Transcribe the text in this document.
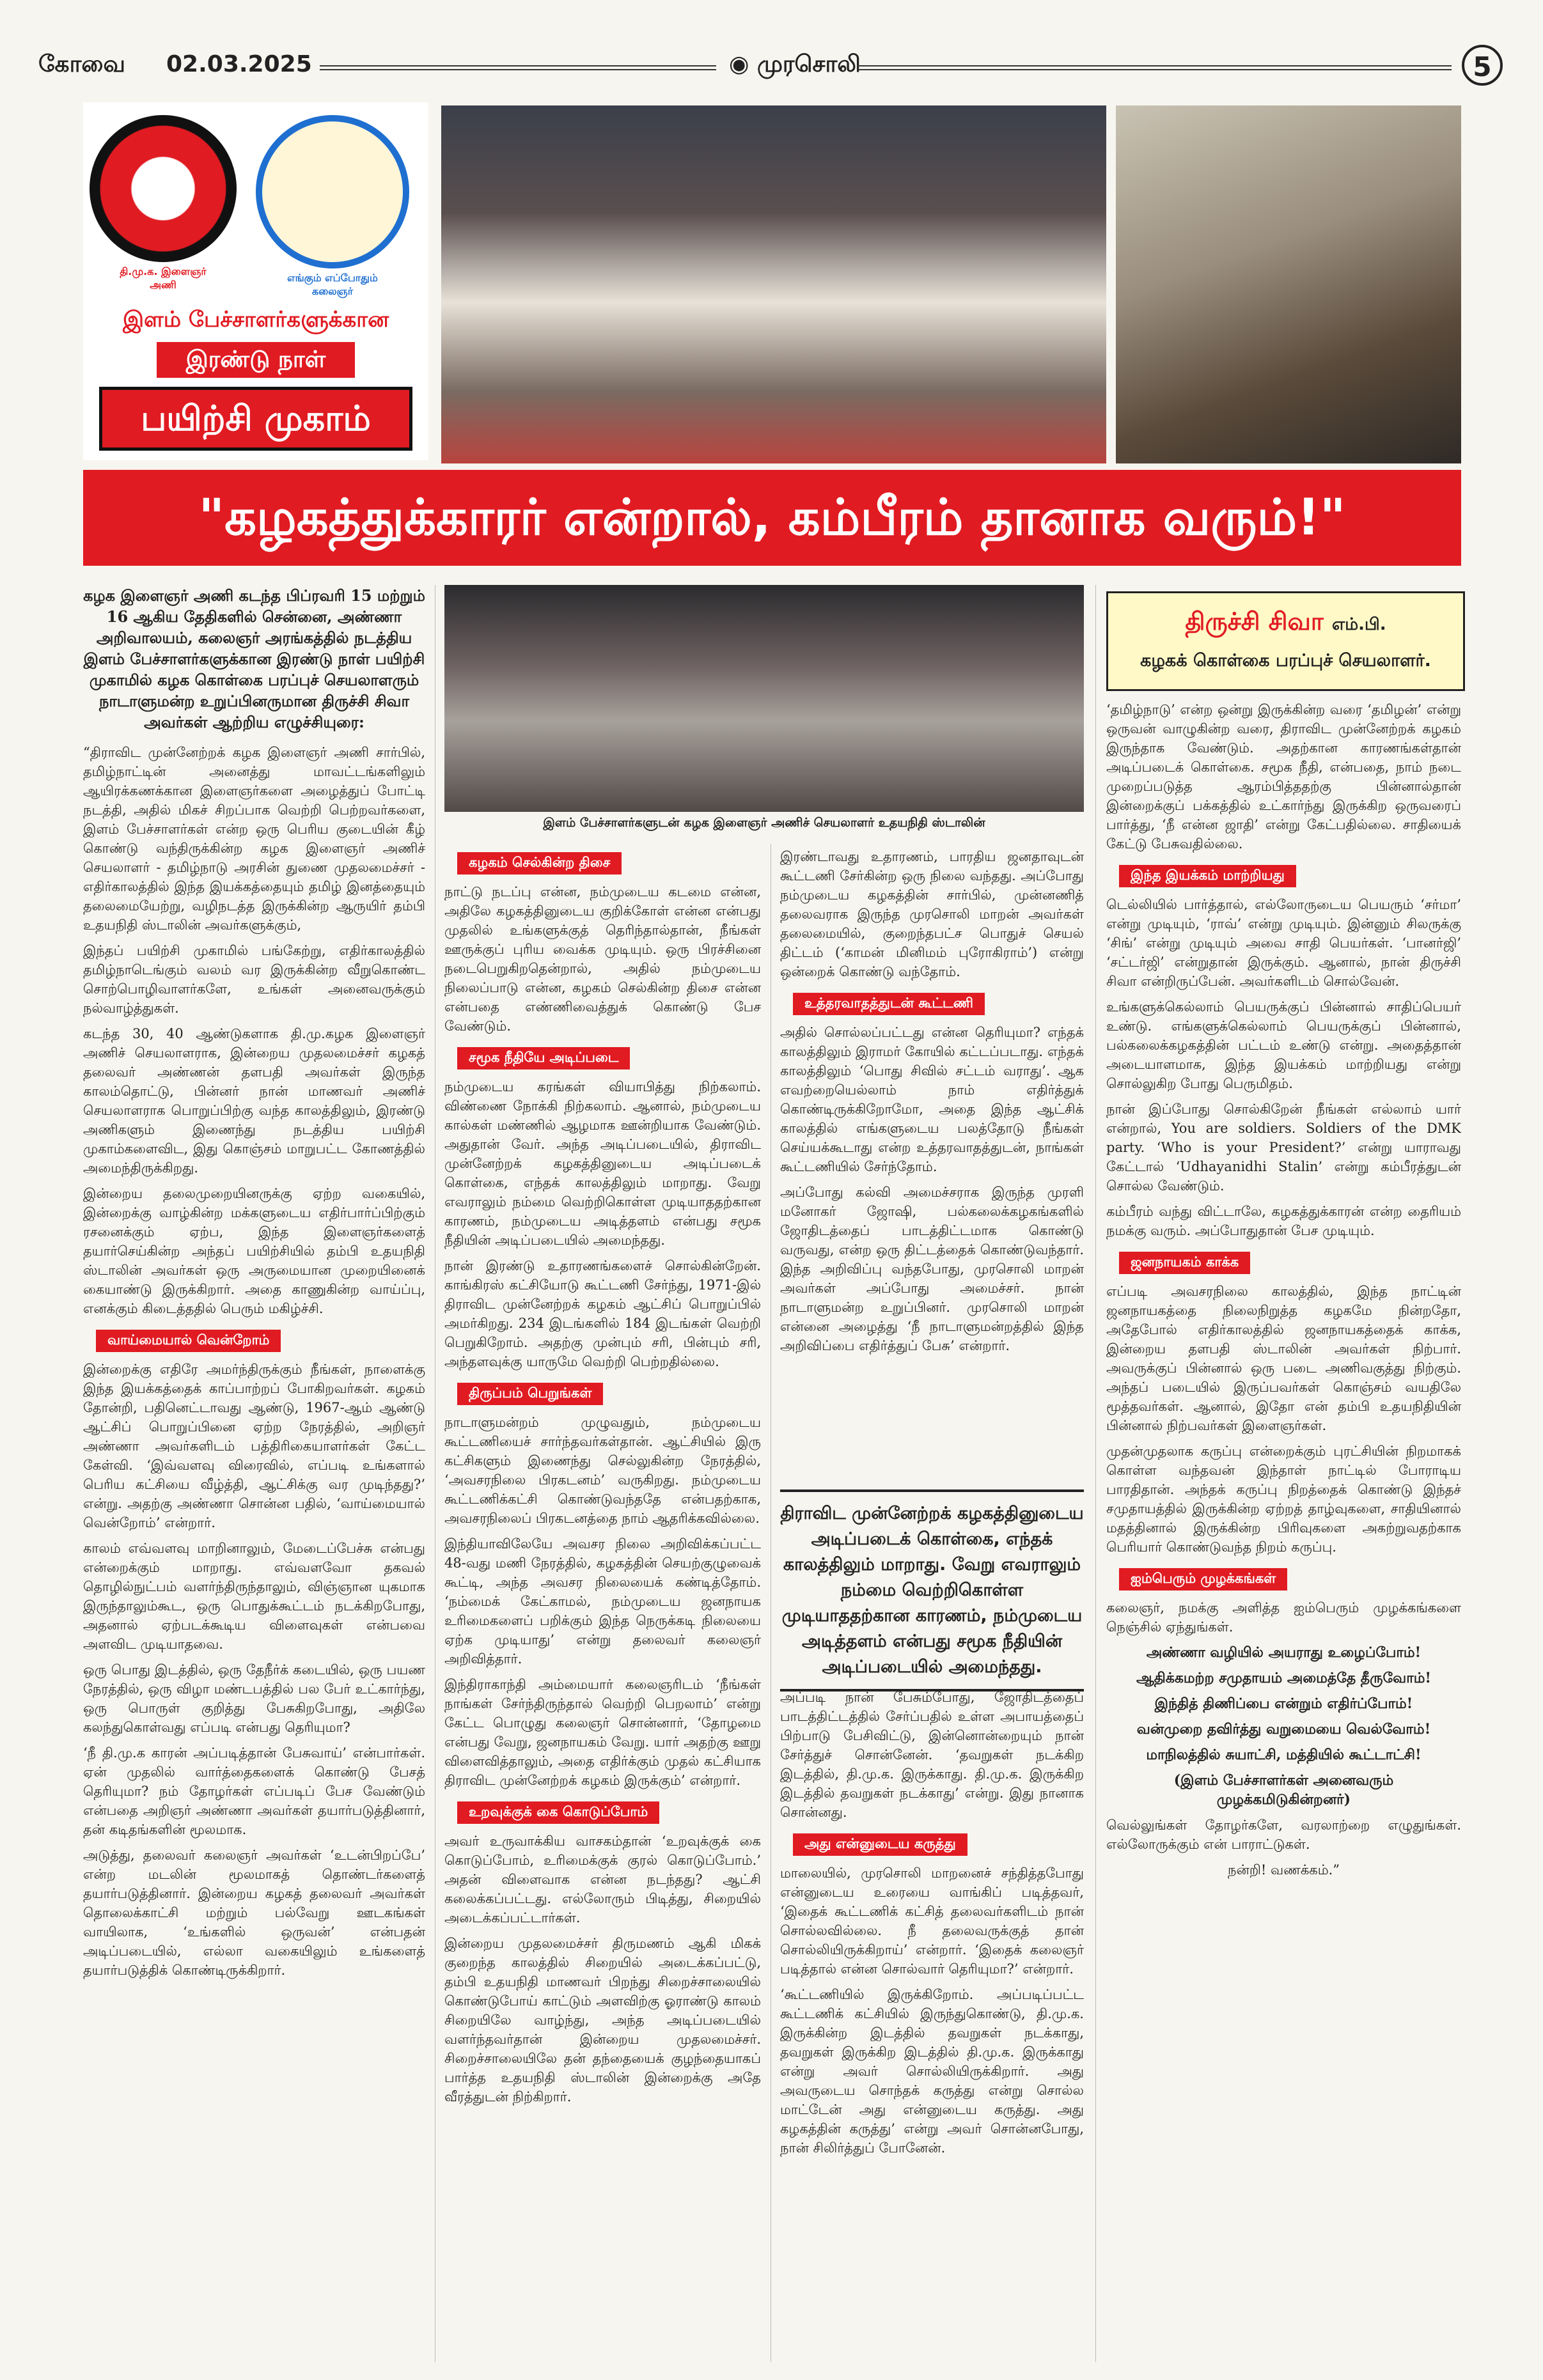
கோவை 02.03.2025	◉ முரசொலி	5
தி.மு.க. இளைஞர் அணி
எங்கும் எப்போதும் கலைஞர்
இளம் பேச்சாளர்களுக்கான
இரண்டு நாள்
பயிற்சி முகாம்
"கழகத்துக்காரர் என்றால், கம்பீரம் தானாக வரும்!"
இளம் பேச்சாளர்களுடன் கழக இளைஞர் அணிச் செயலாளர் உதயநிதி ஸ்டாலின்
திருச்சி சிவா எம்.பி.
கழகக் கொள்கை பரப்புச் செயலாளர்.
கழக இளைஞர் அணி கடந்த பிப்ரவரி 15 மற்றும் 16 ஆகிய தேதிகளில் சென்னை, அண்ணா அறிவாலயம், கலைஞர் அரங்கத்தில் நடத்திய இளம் பேச்சாளர்களுக்கான இரண்டு நாள் பயிற்சி முகாமில் கழக கொள்கை பரப்புச் செயலாளரும் நாடாளுமன்ற உறுப்பினருமான திருச்சி சிவா அவர்கள் ஆற்றிய எழுச்சியுரை:

“திராவிட முன்னேற்றக் கழக இளைஞர் அணி சார்பில், தமிழ்நாட்டின் அனைத்து மாவட்டங்களிலும் ஆயிரக்கணக்கான இளைஞர்களை அழைத்துப் போட்டி நடத்தி, அதில் மிகச் சிறப்பாக வெற்றி பெற்றவர்களை, இளம் பேச்சாளர்கள் என்ற ஒரு பெரிய குடையின் கீழ் கொண்டு வந்திருக்கின்ற கழக இளைஞர் அணிச் செயலாளர் - தமிழ்நாடு அரசின் துணை முதலமைச்சர் - எதிர்காலத்தில் இந்த இயக்கத்தையும் தமிழ் இனத்தையும் தலைமையேற்று, வழிநடத்த இருக்கின்ற ஆருயிர் தம்பி உதயநிதி ஸ்டாலின் அவர்களுக்கும்,

இந்தப் பயிற்சி முகாமில் பங்கேற்று, எதிர்காலத்தில் தமிழ்நாடெங்கும் வலம் வர இருக்கின்ற வீறுகொண்ட சொற்பொழிவாளர்களே, உங்கள் அனைவருக்கும் நல்வாழ்த்துகள்.

கடந்த 30, 40 ஆண்டுகளாக தி.மு.கழக இளைஞர் அணிச் செயலாளராக, இன்றைய முதலமைச்சர் கழகத் தலைவர் அண்ணன் தளபதி அவர்கள் இருந்த காலம்தொட்டு, பின்னர் நான் மாணவர் அணிச் செயலாளராக பொறுப்பிற்கு வந்த காலத்திலும், இரண்டு அணிகளும் இணைந்து நடத்திய பயிற்சி முகாம்களைவிட, இது கொஞ்சம் மாறுபட்ட கோணத்தில் அமைந்திருக்கிறது.

இன்றைய தலைமுறையினருக்கு ஏற்ற வகையில், இன்றைக்கு வாழ்கின்ற மக்களுடைய எதிர்பார்ப்பிற்கும் ரசனைக்கும் ஏற்ப, இந்த இளைஞர்களைத் தயார்செய்கின்ற அந்தப் பயிற்சியில் தம்பி உதயநிதி ஸ்டாலின் அவர்கள் ஒரு அருமையான முறையினைக் கையாண்டு இருக்கிறார். அதை காணுகின்ற வாய்ப்பு, எனக்கும் கிடைத்ததில் பெரும் மகிழ்ச்சி.

வாய்மையால் வென்றோம்

இன்றைக்கு எதிரே அமர்ந்திருக்கும் நீங்கள், நாளைக்கு இந்த இயக்கத்தைக் காப்பாற்றப் போகிறவர்கள். கழகம் தோன்றி, பதினெட்டாவது ஆண்டு, 1967-ஆம் ஆண்டு ஆட்சிப் பொறுப்பினை ஏற்ற நேரத்தில், அறிஞர் அண்ணா அவர்களிடம் பத்திரிகையாளர்கள் கேட்ட கேள்வி. ‘இவ்வளவு விரைவில், எப்படி உங்களால் பெரிய கட்சியை வீழ்த்தி, ஆட்சிக்கு வர முடிந்தது?’ என்று. அதற்கு அண்ணா சொன்ன பதில், ‘வாய்மையால் வென்றோம்’ என்றார்.

காலம் எவ்வளவு மாறினாலும், மேடைப்பேச்சு என்பது என்றைக்கும் மாறாது. எவ்வளவோ தகவல் தொழில்நுட்பம் வளர்ந்திருந்தாலும், விஞ்ஞான யுகமாக இருந்தாலும்கூட, ஒரு பொதுக்கூட்டம் நடக்கிறபோது, அதனால் ஏற்படக்கூடிய விளைவுகள் என்பவை அளவிட முடியாதவை.

ஒரு பொது இடத்தில், ஒரு தேநீர்க் கடையில், ஒரு பயண நேரத்தில், ஒரு விழா மண்டபத்தில் பல பேர் உட்கார்ந்து, ஒரு பொருள் குறித்து பேசுகிறபோது, அதிலே கலந்துகொள்வது எப்படி என்பது தெரியுமா?

‘நீ தி.மு.க காரன் அப்படித்தான் பேசுவாய்’ என்பார்கள். ஏன் முதலில் வார்த்தைகளைக் கொண்டு பேசத் தெரியுமா? நம் தோழர்கள் எப்படிப் பேச வேண்டும் என்பதை அறிஞர் அண்ணா அவர்கள் தயார்படுத்தினார், தன் கடிதங்களின் மூலமாக.

அடுத்து, தலைவர் கலைஞர் அவர்கள் ‘உடன்பிறப்பே’ என்ற மடலின் மூலமாகத் தொண்டர்களைத் தயார்படுத்தினார். இன்றைய கழகத் தலைவர் அவர்கள் தொலைக்காட்சி மற்றும் பல்வேறு ஊடகங்கள் வாயிலாக, ‘உங்களில் ஒருவன்’ என்பதன் அடிப்படையில், எல்லா வகையிலும் உங்களைத் தயார்படுத்திக் கொண்டிருக்கிறார்.

கழகம் செல்கின்ற திசை

நாட்டு நடப்பு என்ன, நம்முடைய கடமை என்ன, அதிலே கழகத்தினுடைய குறிக்கோள் என்ன என்பது முதலில் உங்களுக்குத் தெரிந்தால்தான், நீங்கள் ஊருக்குப் புரிய வைக்க முடியும். ஒரு பிரச்சினை நடைபெறுகிறதென்றால், அதில் நம்முடைய நிலைப்பாடு என்ன, கழகம் செல்கின்ற திசை என்ன என்பதை எண்ணிவைத்துக் கொண்டு பேச வேண்டும்.

சமூக நீதியே அடிப்படை

நம்முடைய கரங்கள் வியாபித்து நிற்கலாம். விண்ணை நோக்கி நிற்கலாம். ஆனால், நம்முடைய கால்கள் மண்ணில் ஆழமாக ஊன்றியாக வேண்டும். அதுதான் வேர். அந்த அடிப்படையில், திராவிட முன்னேற்றக் கழகத்தினுடைய அடிப்படைக் கொள்கை, எந்தக் காலத்திலும் மாறாது. வேறு எவராலும் நம்மை வெற்றிகொள்ள முடியாததற்கான காரணம், நம்முடைய அடித்தளம் என்பது சமூக நீதியின் அடிப்படையில் அமைந்தது.

நான் இரண்டு உதாரணங்களைச் சொல்கின்றேன். காங்கிரஸ் கட்சியோடு கூட்டணி சேர்ந்து, 1971-இல் திராவிட முன்னேற்றக் கழகம் ஆட்சிப் பொறுப்பில் அமர்கிறது. 234 இடங்களில் 184 இடங்கள் வெற்றி பெறுகிறோம். அதற்கு முன்பும் சரி, பின்பும் சரி, அந்தளவுக்கு யாருமே வெற்றி பெற்றதில்லை.

திருப்பம் பெறுங்கள்

நாடாளுமன்றம் முழுவதும், நம்முடைய கூட்டணியைச் சார்ந்தவர்கள்தான். ஆட்சியில் இரு கட்சிகளும் இணைந்து செல்லுகின்ற நேரத்தில், ‘அவசரநிலை பிரகடனம்’ வருகிறது. நம்முடைய கூட்டணிக்கட்சி கொண்டுவந்ததே என்பதற்காக, அவசரநிலைப் பிரகடனத்தை நாம் ஆதரிக்கவில்லை.

இந்தியாவிலேயே அவசர நிலை அறிவிக்கப்பட்ட 48-வது மணி நேரத்தில், கழகத்தின் செயற்குழுவைக் கூட்டி, அந்த அவசர நிலையைக் கண்டித்தோம். ‘நம்மைக் கேட்காமல், நம்முடைய ஜனநாயக உரிமைகளைப் பறிக்கும் இந்த நெருக்கடி நிலையை ஏற்க முடியாது’ என்று தலைவர் கலைஞர் அறிவித்தார்.

இந்திராகாந்தி அம்மையார் கலைஞரிடம் ‘நீங்கள் நாங்கள் சேர்ந்திருந்தால் வெற்றி பெறலாம்’ என்று கேட்ட பொழுது கலைஞர் சொன்னார், ‘தோழமை என்பது வேறு, ஜனநாயகம் வேறு. யார் அதற்கு ஊறு விளைவித்தாலும், அதை எதிர்க்கும் முதல் கட்சியாக திராவிட முன்னேற்றக் கழகம் இருக்கும்’ என்றார்.

உறவுக்குக் கை கொடுப்போம்

அவர் உருவாக்கிய வாசகம்தான் ‘உறவுக்குக் கை கொடுப்போம், உரிமைக்குக் குரல் கொடுப்போம்.’ அதன் விளைவாக என்ன நடந்தது? ஆட்சி கலைக்கப்பட்டது. எல்லோரும் பிடித்து, சிறையில் அடைக்கப்பட்டார்கள்.

இன்றைய முதலமைச்சர் திருமணம் ஆகி மிகக் குறைந்த காலத்தில் சிறையில் அடைக்கப்பட்டு, தம்பி உதயநிதி மாணவர் பிறந்து சிறைச்சாலையில் கொண்டுபோய் காட்டும் அளவிற்கு ஓராண்டு காலம் சிறையிலே வாழ்ந்து, அந்த அடிப்படையில் வளர்ந்தவர்தான் இன்றைய முதலமைச்சர். சிறைச்சாலையிலே தன் தந்தையைக் குழந்தையாகப் பார்த்த உதயநிதி ஸ்டாலின் இன்றைக்கு அதே வீரத்துடன் நிற்கிறார்.

இரண்டாவது உதாரணம், பாரதிய ஜனதாவுடன் கூட்டணி சேர்கின்ற ஒரு நிலை வந்தது. அப்போது நம்முடைய கழகத்தின் சார்பில், முன்னணித் தலைவராக இருந்த முரசொலி மாறன் அவர்கள் தலைமையில், குறைந்தபட்ச பொதுச் செயல் திட்டம் (‘காமன் மினிமம் புரோகிராம்’) என்று ஒன்றைக் கொண்டு வந்தோம்.

உத்தரவாதத்துடன் கூட்டணி

அதில் சொல்லப்பட்டது என்ன தெரியுமா? எந்தக் காலத்திலும் இராமர் கோயில் கட்டப்படாது. எந்தக் காலத்திலும் ‘பொது சிவில் சட்டம் வராது’. ஆக எவற்றையெல்லாம் நாம் எதிர்த்துக் கொண்டிருக்கிறோமோ, அதை இந்த ஆட்சிக் காலத்தில் எங்களுடைய பலத்தோடு நீங்கள் செய்யக்கூடாது என்ற உத்தரவாதத்துடன், நாங்கள் கூட்டணியில் சேர்ந்தோம்.

அப்போது கல்வி அமைச்சராக இருந்த முரளி மனோகர் ஜோஷி, பல்கலைக்கழகங்களில் ஜோதிடத்தைப் பாடத்திட்டமாக கொண்டு வருவது, என்ற ஒரு திட்டத்தைக் கொண்டுவந்தார். இந்த அறிவிப்பு வந்தபோது, முரசொலி மாறன் அவர்கள் அப்போது அமைச்சர். நான் நாடாளுமன்ற உறுப்பினர். முரசொலி மாறன் என்னை அழைத்து ‘நீ நாடாளுமன்றத்தில் இந்த அறிவிப்பை எதிர்த்துப் பேசு’ என்றார்.

திராவிட முன்னேற்றக் கழகத்தினுடைய அடிப்படைக் கொள்கை, எந்தக் காலத்திலும் மாறாது. வேறு எவராலும் நம்மை வெற்றிகொள்ள முடியாததற்கான காரணம், நம்முடைய அடித்தளம் என்பது சமூக நீதியின் அடிப்படையில் அமைந்தது.

அப்படி நான் பேசும்போது, ஜோதிடத்தைப் பாடத்திட்டத்தில் சேர்ப்பதில் உள்ள அபாயத்தைப் பிற்பாடு பேசிவிட்டு, இன்னொன்றையும் நான் சேர்த்துச் சொன்னேன். ‘தவறுகள் நடக்கிற இடத்தில், தி.மு.க. இருக்காது. தி.மு.க. இருக்கிற இடத்தில் தவறுகள் நடக்காது’ என்று. இது நானாக சொன்னது.

அது என்னுடைய கருத்து

மாலையில், முரசொலி மாறனைச் சந்தித்தபோது என்னுடைய உரையை வாங்கிப் படித்தவர், ‘இதைக் கூட்டணிக் கட்சித் தலைவர்களிடம் நான் சொல்லவில்லை. நீ தலைவருக்குத் தான் சொல்லியிருக்கிறாய்’ என்றார். ‘இதைக் கலைஞர் படித்தால் என்ன சொல்வார் தெரியுமா?’ என்றார்.

‘கூட்டணியில் இருக்கிறோம். அப்படிப்பட்ட கூட்டணிக் கட்சியில் இருந்துகொண்டு, தி.மு.க. இருக்கின்ற இடத்தில் தவறுகள் நடக்காது, தவறுகள் இருக்கிற இடத்தில் தி.மு.க. இருக்காது என்று அவர் சொல்லியிருக்கிறார். அது அவருடைய சொந்தக் கருத்து என்று சொல்ல மாட்டேன் அது என்னுடைய கருத்து. அது கழகத்தின் கருத்து’ என்று அவர் சொன்னபோது, நான் சிலிர்த்துப் போனேன்.

‘தமிழ்நாடு’ என்ற ஒன்று இருக்கின்ற வரை ‘தமிழன்’ என்று ஒருவன் வாழுகின்ற வரை, திராவிட முன்னேற்றக் கழகம் இருந்தாக வேண்டும். அதற்கான காரணங்கள்தான் அடிப்படைக் கொள்கை. சமூக நீதி, என்பதை, நாம் நடை முறைப்படுத்த ஆரம்பித்ததற்கு பின்னால்தான் இன்றைக்குப் பக்கத்தில் உட்கார்ந்து இருக்கிற ஒருவரைப் பார்த்து, ‘நீ என்ன ஜாதி’ என்று கேட்பதில்லை. சாதியைக் கேட்டு பேசுவதில்லை.

இந்த இயக்கம் மாற்றியது

டெல்லியில் பார்த்தால், எல்லோருடைய பெயரும் ‘சர்மா’ என்று முடியும், ‘ராவ்’ என்று முடியும். இன்னும் சிலருக்கு ‘சிங்’ என்று முடியும் அவை சாதி பெயர்கள். ‘பானர்ஜி’ ‘சட்டர்ஜி’ என்றுதான் இருக்கும். ஆனால், நான் திருச்சி சிவா என்றிருப்பேன். அவர்களிடம் சொல்வேன்.

உங்களுக்கெல்லாம் பெயருக்குப் பின்னால் சாதிப்பெயர் உண்டு. எங்களுக்கெல்லாம் பெயருக்குப் பின்னால், பல்கலைக்கழகத்தின் பட்டம் உண்டு என்று. அதைத்தான் அடையாளமாக, இந்த இயக்கம் மாற்றியது என்று சொல்லுகிற போது பெருமிதம்.

நான் இப்போது சொல்கிறேன் நீங்கள் எல்லாம் யார் என்றால், You are soldiers. Soldiers of the DMK party. ‘Who is your President?’ என்று யாராவது கேட்டால் ‘Udhayanidhi Stalin’ என்று கம்பீரத்துடன் சொல்ல வேண்டும்.

கம்பீரம் வந்து விட்டாலே, கழகத்துக்காரன் என்ற தைரியம் நமக்கு வரும். அப்போதுதான் பேச முடியும்.

ஜனநாயகம் காக்க

எப்படி அவசரநிலை காலத்தில், இந்த நாட்டின் ஜனநாயகத்தை நிலைநிறுத்த கழகமே நின்றதோ, அதேபோல் எதிர்காலத்தில் ஜனநாயகத்தைக் காக்க, இன்றைய தளபதி ஸ்டாலின் அவர்கள் நிற்பார். அவருக்குப் பின்னால் ஒரு படை அணிவகுத்து நிற்கும். அந்தப் படையில் இருப்பவர்கள் கொஞ்சம் வயதிலே மூத்தவர்கள். ஆனால், இதோ என் தம்பி உதயநிதியின் பின்னால் நிற்பவர்கள் இளைஞர்கள்.

முதன்முதலாக கருப்பு என்றைக்கும் புரட்சியின் நிறமாகக் கொள்ள வந்தவன் இந்தாள் நாட்டில் போராடிய பாரதிதான். அந்தக் கருப்பு நிறத்தைக் கொண்டு இந்தச் சமுதாயத்தில் இருக்கின்ற ஏற்றத் தாழ்வுகளை, சாதியினால் மதத்தினால் இருக்கின்ற பிரிவுகளை அகற்றுவதற்காக பெரியார் கொண்டுவந்த நிறம் கருப்பு.

ஐம்பெரும் முழக்கங்கள்

கலைஞர், நமக்கு அளித்த ஐம்பெரும் முழக்கங்களை நெஞ்சில் ஏந்துங்கள்.

அண்ணா வழியில் அயராது உழைப்போம்!

ஆதிக்கமற்ற சமுதாயம் அமைத்தே தீருவோம்!

இந்தித் திணிப்பை என்றும் எதிர்ப்போம்!

வன்முறை தவிர்த்து வறுமையை வெல்வோம்!

மாநிலத்தில் சுயாட்சி, மத்தியில் கூட்டாட்சி!

(இளம் பேச்சாளர்கள் அனைவரும் முழக்கமிடுகின்றனர்)

வெல்லுங்கள் தோழர்களே, வரலாற்றை எழுதுங்கள். எல்லோருக்கும் என் பாராட்டுகள்.

நன்றி! வணக்கம்.”
